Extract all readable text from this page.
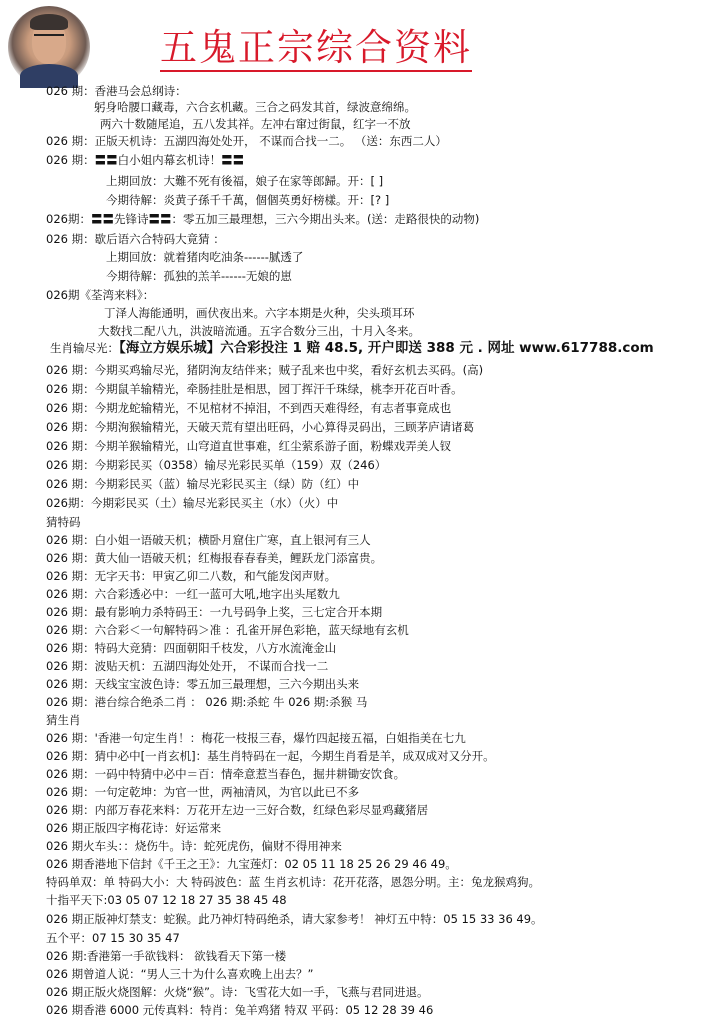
五鬼正宗综合资料
026 期：香港马会总纲诗：
躬身哈腰口藏毒，六合玄机藏。三合之码发其首，绿波意绵绵。
两六十数随尾追，五八发其祥。左冲右窜过街鼠，红字一不放
026 期：正版天机诗：五湖四海处处开， 不谋而合找一二。 （送：东西二人）
026 期：〓〓白小姐内幕玄机诗！〓〓
上期回放：大難不死有後福，娘子在家等郎歸。开：[ ]
今期待解：炎黄子孫千千萬，個個英勇好榜樣。开：[? ]
026期：〓〓先锋诗〓〓：零五加三最理想，三六今期出头来。(送：走路很快的动物)
026 期：歇后语六合特码大竟猜 ：
上期回放：就着猪肉吃油条------腻透了
今期待解：孤独的羔羊------无娘的崽
026期《荃湾来料》：
丁泽人海能通明，画伏夜出来。六字本期是火种，尖头琐耳环
大数找二配八九，洪波暗流通。五字合数分三出，十月入冬来。
生肖输尽光：【海立方娱乐城】六合彩投注 1 赔 48.5, 开户即送 388 元 . 网址 www.617788.com
026 期：今期买鸡输尽光，猪阴洵友结伴来；贼子乱来也中奖，看好玄机去买码。(高)
026 期：今期鼠羊输精光，牵肠挂肚是相思，园丁挥汗千珠绿，桃李开花百叶香。
026 期：今期龙蛇输精光，不见棺材不掉泪，不到西天难得经，有志者事竟成也
026 期：今期洵猴输精光，天破天荒有望出旺码，小心算得灵码出，三顾茅庐请诸葛
026 期：今期羊猴输精光，山穹道直世事难，红尘萦系游子面，粉蝶戏弄美人钗
026 期：今期彩民买（0358）输尽光彩民买单（159）双（246）
026 期：今期彩民买（蓝）输尽光彩民买主（绿）防（红）中
026期：今期彩民买（土）输尽光彩民买主（水）（火）中
猜特码
026 期：白小姐一语破天机；横卧月窟住广寒，直上银河有三人
026 期：黄大仙一语破天机；红梅报春春春美，鲤跃龙门添富贵。
026 期：无字天书：甲寅乙卯二八数，和气能发闵声财。
026 期：六合彩透必中：一红一蓝可大吼,地字出头尾数九
026 期：最有影响力杀特码王：一九号码争上奖，三七定合开本期
026 期：六合彩＜一句解特码＞准 ：孔雀开屏色彩艳，蓝天绿地有玄机
026 期：特码大竞猜：四面朝阳千枝发，八方水流淹金山
026 期：波贴天机：五湖四海处处开， 不谋而合找一二
026 期：天线宝宝波色诗：零五加三最理想，三六今期出头来
026 期：港台综合绝杀二肖 ： 026 期:杀蛇 牛 026 期:杀猴 马
猜生肖
026 期：'香港一句定生肖！：梅花一枝报三春，爆竹四起接五福，白姐指美在七九
026 期：猜中必中[一肖玄机]：基生肖特码在一起，今期生肖看是羊，成双成对又分开。
026 期：一码中特猜中必中＝百：情牵意惹当春色，掘井耕锄安饮食。
026 期：一句定乾坤：为官一世，两袖清风，为官以此已不多
026 期：内部万春花来料：万花开左边一三好合数，红绿色彩尽显鸡藏猪居
026 期正版四字梅花诗：好运常来
026 期火车头：：烧伤牛。诗：蛇死虎伤，偏财不得用神来
026 期香港地下信封《千王之王》：九宝莲灯：02 05 11 18 25 26 29 46 49。
特码单双：单 特码大小：大 特码波色：蓝 生肖玄机诗：花开花落，恩怨分明。主：兔龙猴鸡狗。
十指平天下:03 05 07 12 18 27 35 38 45 48
026 期正版神灯禁支：蛇猴。此乃神灯特码绝杀，请大家参考！ 神灯五中特：05 15 33 36 49。
五个平：07 15 30 35 47
026 期:香港第一手欲钱料： 欲钱看天下第一楼
026 期曾道人说：“男人三十为什么喜欢晚上出去？”
026 期正版火烧图解：火烧“猴”。诗：飞雪花大如一手，飞燕与君同进退。
026 期香港 6000 元传真料：特肖：兔羊鸡猪 特双 平码：05 12 28 39 46
